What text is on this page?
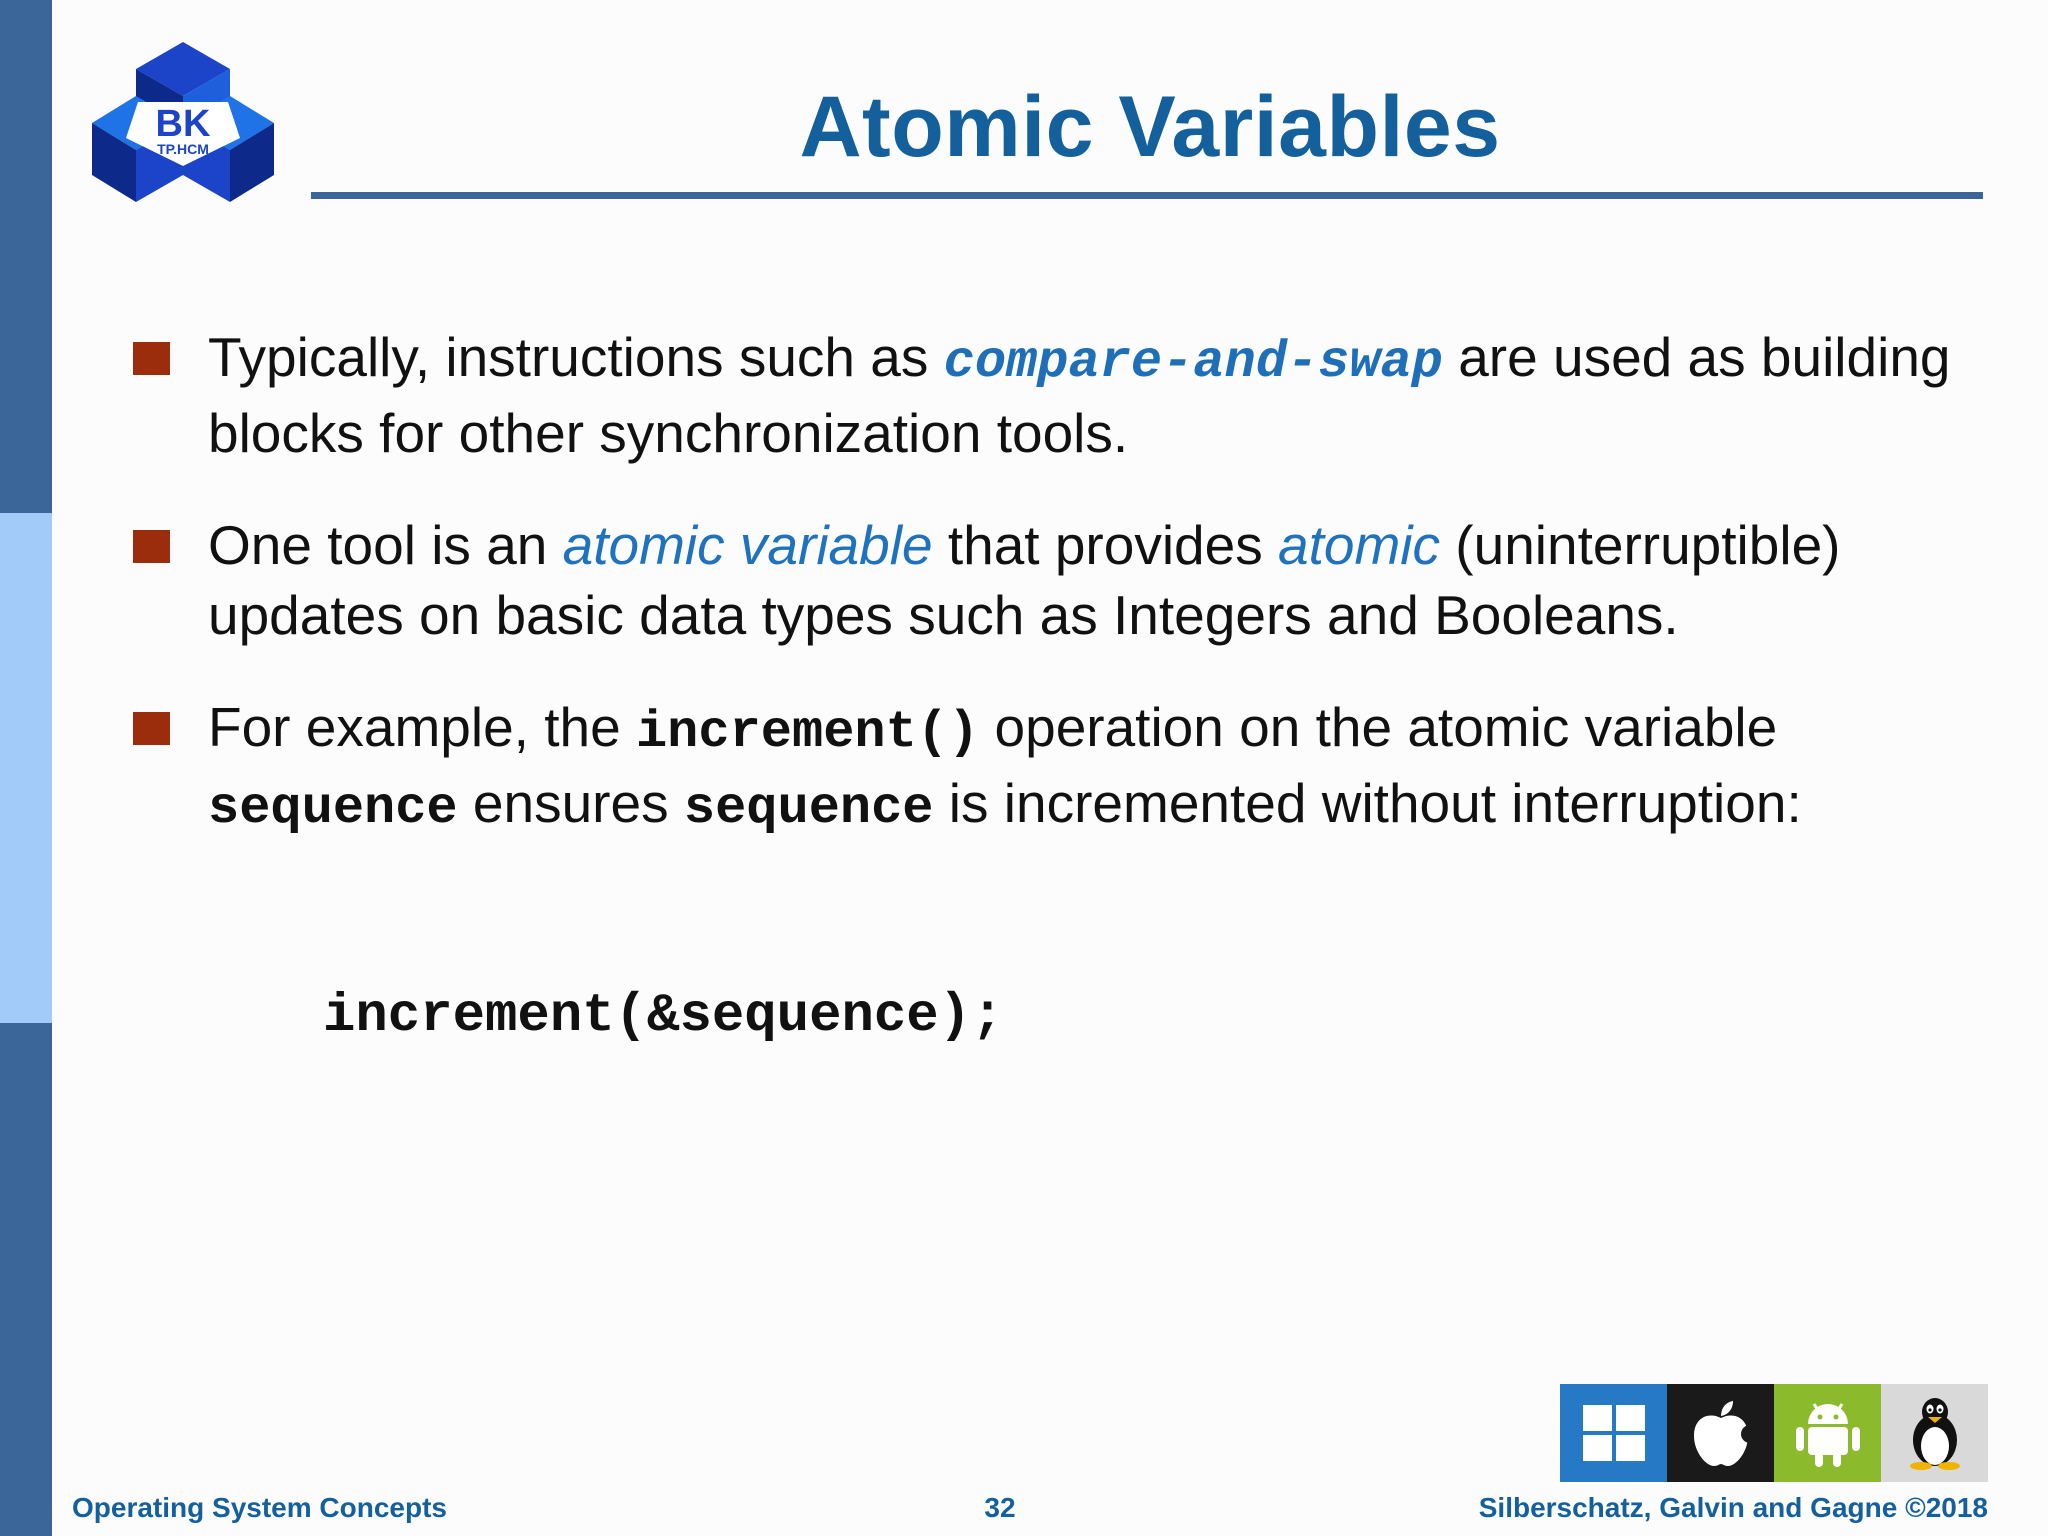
BK
TP.HCM	Atomic Variables
Typically, instructions such as compare-and-swap are used as building blocks for other synchronization tools.
One tool is an atomic variable that provides atomic (uninterruptible) updates on basic data types such as Integers and Booleans.
For example, the increment() operation on the atomic variable sequence ensures sequence is incremented without interruption:
increment(&sequence);
Operating System Concepts	32	Silberschatz, Galvin and Gagne ©2018
